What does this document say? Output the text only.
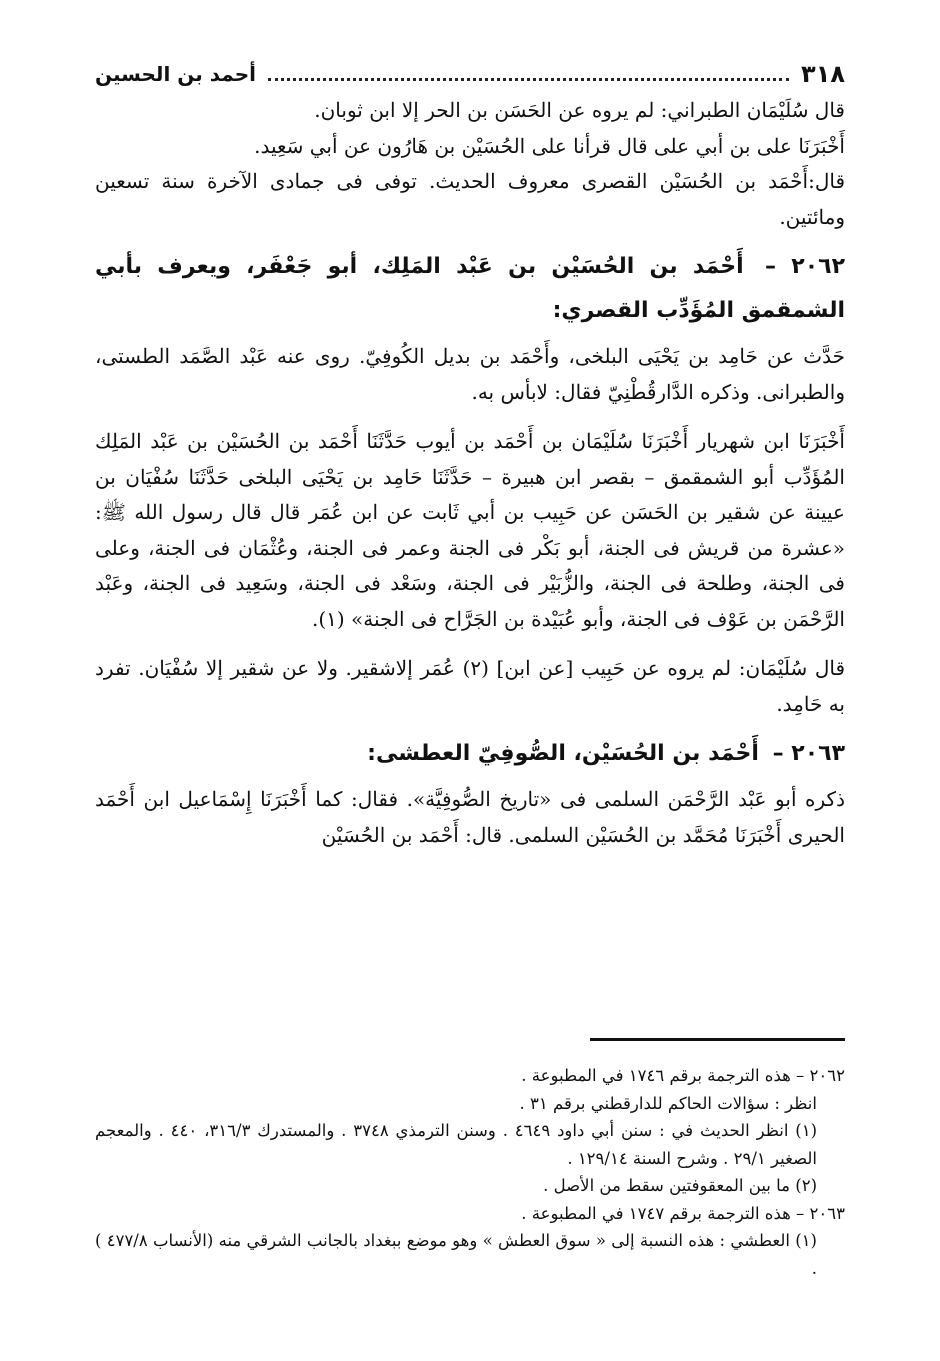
٣١٨
أحمد بن الحسين

قال سُلَيْمَان الطبراني: لم يروه عن الحَسَن بن الحر إلا ابن ثوبان.

أَخْبَرَنَا على بن أبي على قال قرأنا على الحُسَيْن بن هَارُون عن أبي سَعِيد.

قال:أَحْمَد بن الحُسَيْن القصرى معروف الحديث. توفى فى جمادى الآخرة سنة تسعين ومائتين.

٢٠٦٢ – أَحْمَد بن الحُسَيْن بن عَبْد المَلِك، أبو جَعْفَر، ويعرف بأبي الشمقمق المُؤَدِّب القصري:

حَدَّث عن حَامِد بن يَحْيَى البلخى، وأَحْمَد بن بديل الكُوفِيّ. روى عنه عَبْد الصَّمَد الطستى، والطبرانى. وذكره الدَّارقُطْنِيّ فقال: لابأس به.

أَخْبَرَنَا ابن شهريار أَخْبَرَنَا سُلَيْمَان بن أَحْمَد بن أيوب حَدَّثَنَا أَحْمَد بن الحُسَيْن بن عَبْد المَلِك المُؤَدِّب أبو الشمقمق – بقصر ابن هبيرة – حَدَّثَنَا حَامِد بن يَحْيَى البلخى حَدَّثَنَا سُفْيَان بن عيينة عن شقير بن الحَسَن عن حَبِيب بن أبي ثَابت عن ابن عُمَر قال قال رسول الله ﷺ: «عشرة من قريش فى الجنة، أبو بَكْر فى الجنة وعمر فى الجنة، وعُثْمَان فى الجنة، وعلى فى الجنة، وطلحة فى الجنة، والزُّبَيْر فى الجنة، وسَعْد فى الجنة، وسَعِيد فى الجنة، وعَبْد الرَّحْمَن بن عَوْف فى الجنة، وأبو عُبَيْدة بن الجَرَّاح فى الجنة» (١).

قال سُلَيْمَان: لم يروه عن حَبِيب [عن ابن] (٢) عُمَر إلاشقير. ولا عن شقير إلا سُفْيَان. تفرد به حَامِد.

٢٠٦٣ – أَحْمَد بن الحُسَيْن، الصُّوفِيّ العطشى:

ذكره أبو عَبْد الرَّحْمَن السلمى فى «تاريخ الصُّوفِيَّة». فقال: كما أَخْبَرَنَا إِسْمَاعيل ابن أَحْمَد الحيرى أَخْبَرَنَا مُحَمَّد بن الحُسَيْن السلمى. قال: أَحْمَد بن الحُسَيْن

٢٠٦٢ – هذه الترجمة برقم ١٧٤٦ في المطبوعة .

انظر : سؤالات الحاكم للدارقطني برقم ٣١ .

(١) انظر الحديث في : سنن أبي داود ٤٦٤٩ . وسنن الترمذي ٣٧٤٨ . والمستدرك ٣١٦/٣، ٤٤٠ . والمعجم الصغير ٢٩/١ . وشرح السنة ١٢٩/١٤ .

(٢) ما بين المعقوفتين سقط من الأصل .

٢٠٦٣ – هذه الترجمة برقم ١٧٤٧ في المطبوعة .

(١) العطشي : هذه النسبة إلى « سوق العطش » وهو موضع ببغداد بالجانب الشرقي منه (الأنساب ٤٧٧/٨ ) .
